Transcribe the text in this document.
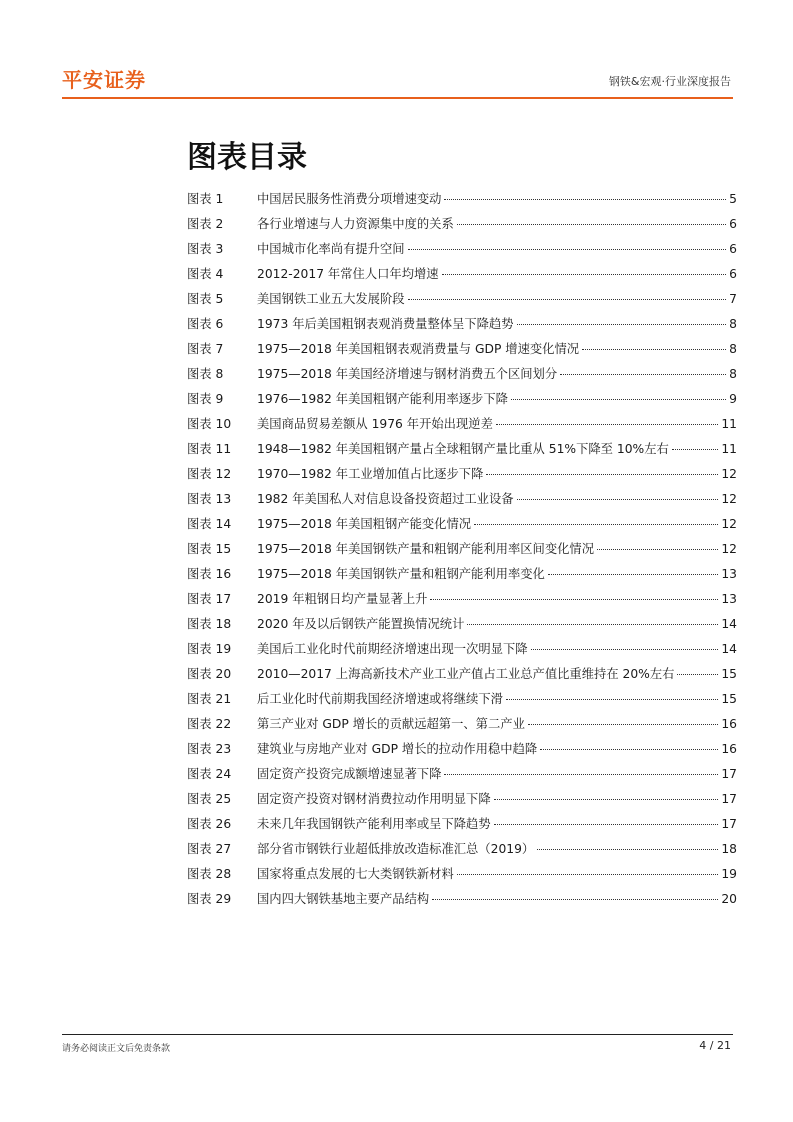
平安证券	钢铁&宏观·行业深度报告
图表目录
图表 1	中国居民服务性消费分项增速变动	5
图表 2	各行业增速与人力资源集中度的关系	6
图表 3	中国城市化率尚有提升空间	6
图表 4	2012-2017 年常住人口年均增速	6
图表 5	美国钢铁工业五大发展阶段	7
图表 6	1973 年后美国粗钢表观消费量整体呈下降趋势	8
图表 7	1975—2018 年美国粗钢表观消费量与 GDP 增速变化情况	8
图表 8	1975—2018 年美国经济增速与钢材消费五个区间划分	8
图表 9	1976—1982 年美国粗钢产能利用率逐步下降	9
图表 10	美国商品贸易差额从 1976 年开始出现逆差	11
图表 11	1948—1982 年美国粗钢产量占全球粗钢产量比重从 51%下降至 10%左右	11
图表 12	1970—1982 年工业增加值占比逐步下降	12
图表 13	1982 年美国私人对信息设备投资超过工业设备	12
图表 14	1975—2018 年美国粗钢产能变化情况	12
图表 15	1975—2018 年美国钢铁产量和粗钢产能利用率区间变化情况	12
图表 16	1975—2018 年美国钢铁产量和粗钢产能利用率变化	13
图表 17	2019 年粗钢日均产量显著上升	13
图表 18	2020 年及以后钢铁产能置换情况统计	14
图表 19	美国后工业化时代前期经济增速出现一次明显下降	14
图表 20	2010—2017 上海高新技术产业工业产值占工业总产值比重维持在 20%左右	15
图表 21	后工业化时代前期我国经济增速或将继续下滑	15
图表 22	第三产业对 GDP 增长的贡献远超第一、第二产业	16
图表 23	建筑业与房地产业对 GDP 增长的拉动作用稳中趋降	16
图表 24	固定资产投资完成额增速显著下降	17
图表 25	固定资产投资对钢材消费拉动作用明显下降	17
图表 26	未来几年我国钢铁产能利用率或呈下降趋势	17
图表 27	部分省市钢铁行业超低排放改造标准汇总（2019）	18
图表 28	国家将重点发展的七大类钢铁新材料	19
图表 29	国内四大钢铁基地主要产品结构	20
请务必阅读正文后免责条款	4 / 21
